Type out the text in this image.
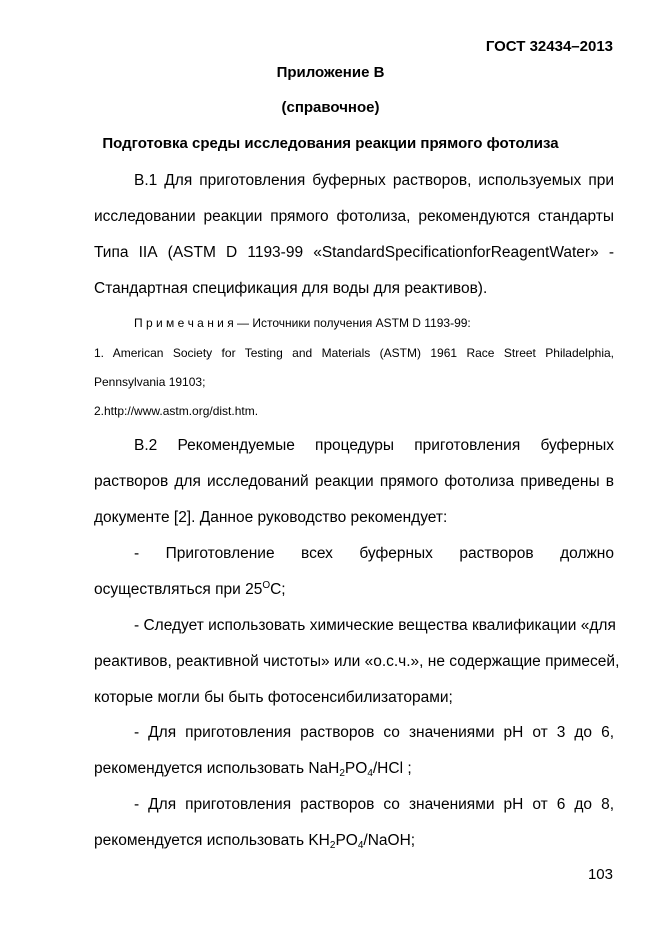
ГОСТ 32434–2013
Приложение В
(справочное)
Подготовка среды исследования реакции прямого фотолиза
В.1 Для приготовления буферных растворов, используемых при
исследовании реакции прямого фотолиза, рекомендуются стандарты
Типа IIА (ASTM D 1193-99 «StandardSpecificationforReagentWater» -
Стандартная спецификация для воды для реактивов).
П р и м е ч а н и я — Источники получения ASTM D 1193-99:
1. American Society for Testing and Materials (ASTM) 1961 Race Street Philadelphia,
Pennsylvania 19103;
2.http://www.astm.org/dist.htm.
В.2 Рекомендуемые процедуры приготовления буферных
растворов для исследований реакции прямого фотолиза приведены в
документе [2]. Данное руководство рекомендует:
- Приготовление всех буферных растворов должно
осуществляться при $25^OС$;
- Следует использовать химические вещества квалификации «для
реактивов, реактивной чистоты» или «о.с.ч.», не содержащие примесей,
которые могли бы быть фотосенсибилизаторами;
- Для приготовления растворов со значениями рН от 3 до 6,
рекомендуется использовать $NaH_2PO_4$/HCl ;
- Для приготовления растворов со значениями рН от 6 до 8,
рекомендуется использовать $KH_2PO_4$/NaOH;
103
